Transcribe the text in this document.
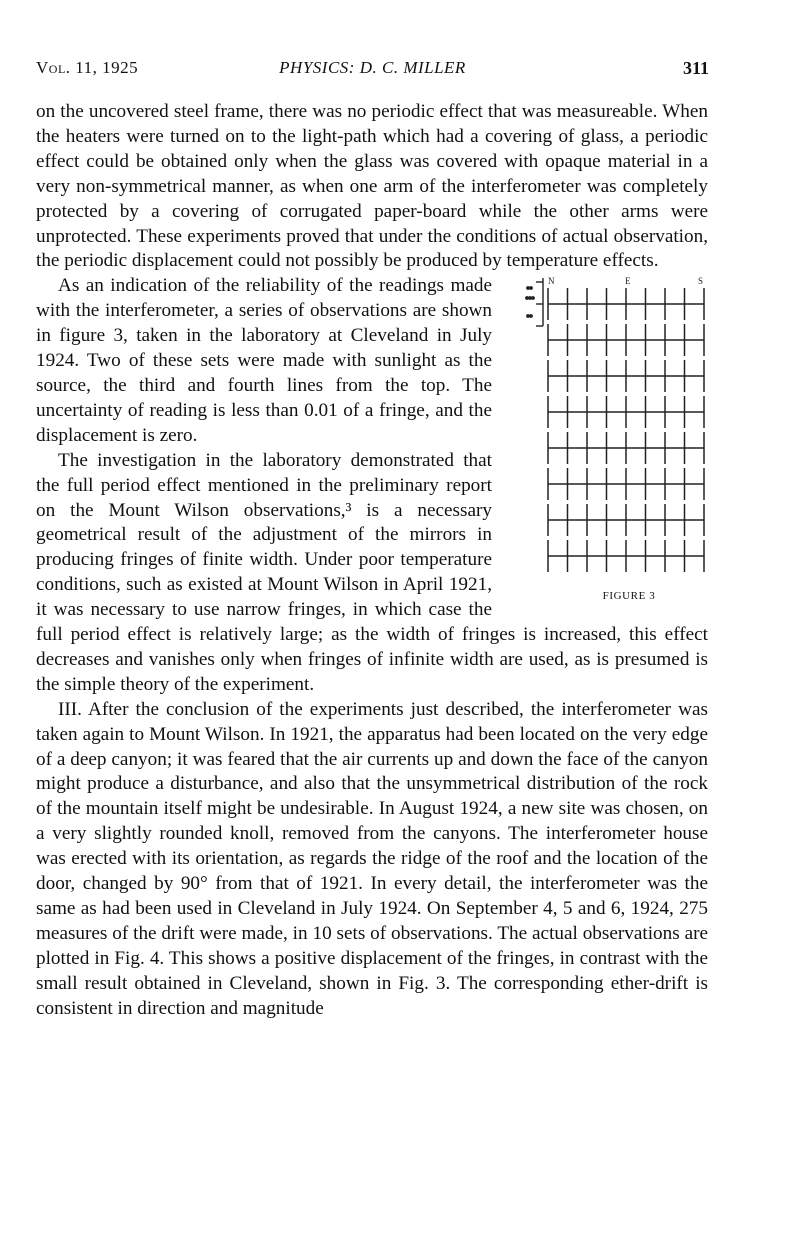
Vol. 11, 1925	PHYSICS: D. C. MILLER	311

on the uncovered steel frame, there was no periodic effect that was measureable. When the heaters were turned on to the light-path which had a covering of glass, a periodic effect could be obtained only when the glass was covered with opaque material in a very non-symmetrical manner, as when one arm of the interferometer was completely protected by a covering of corrugated paper-board while the other arms were unprotected. These experiments proved that under the conditions of actual observation, the periodic displacement could not possibly be produced by temperature effects.

N	E	S
FIGURE 3
As an indication of the reliability of the readings made with the interferometer, a series of observations are shown in figure 3, taken in the laboratory at Cleveland in July 1924. Two of these sets were made with sunlight as the source, the third and fourth lines from the top. The uncertainty of reading is less than 0.01 of a fringe, and the displacement is zero.

The investigation in the laboratory demonstrated that the full period effect mentioned in the preliminary report on the Mount Wilson observations,³ is a necessary geometrical result of the adjustment of the mirrors in producing fringes of finite width. Under poor temperature conditions, such as existed at Mount Wilson in April 1921, it was necessary to use narrow fringes, in which case the full period effect is relatively large; as the width of fringes is increased, this effect decreases and vanishes only when fringes of infinite width are used, as is presumed is the simple theory of the experiment.

III. After the conclusion of the experiments just described, the interferometer was taken again to Mount Wilson. In 1921, the apparatus had been located on the very edge of a deep canyon; it was feared that the air currents up and down the face of the canyon might produce a disturbance, and also that the unsymmetrical distribution of the rock of the mountain itself might be undesirable. In August 1924, a new site was chosen, on a very slightly rounded knoll, removed from the canyons. The interferometer house was erected with its orientation, as regards the ridge of the roof and the location of the door, changed by 90° from that of 1921. In every detail, the interferometer was the same as had been used in Cleveland in July 1924. On September 4, 5 and 6, 1924, 275 measures of the drift were made, in 10 sets of observations. The actual observations are plotted in Fig. 4. This shows a positive displacement of the fringes, in contrast with the small result obtained in Cleveland, shown in Fig. 3. The corresponding ether-drift is consistent in direction and magnitude
